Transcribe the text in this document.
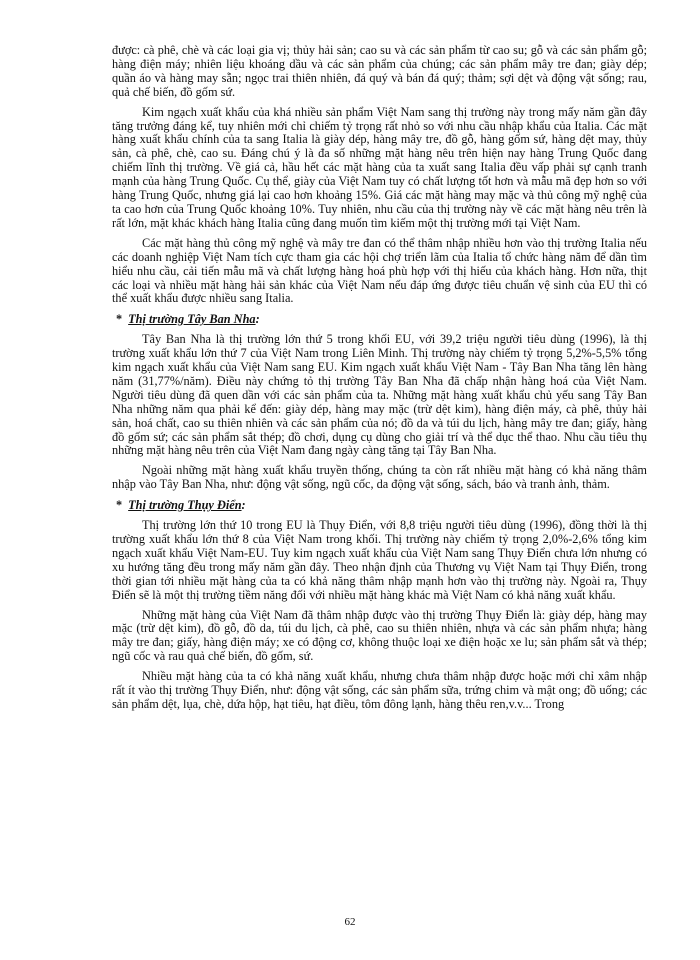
được: cà phê, chè và các loại gia vị; thủy hải sản; cao su và các sản phẩm từ cao su; gỗ và các sản phẩm gỗ; hàng điện máy; nhiên liệu khoáng dầu và các sản phẩm của chúng; các sản phẩm mây tre đan; giày dép; quần áo và hàng may sẵn; ngọc trai thiên nhiên, đá quý và bán đá quý; thảm; sợi dệt và động vật sống; rau, quả chế biến, đồ gốm sứ.

Kim ngạch xuất khẩu của khá nhiều sản phẩm Việt Nam sang thị trường này trong mấy năm gần đây tăng trưởng đáng kể, tuy nhiên mới chỉ chiếm tỷ trọng rất nhỏ so với nhu cầu nhập khẩu của Italia. Các mặt hàng xuất khẩu chính của ta sang Italia là giày dép, hàng mây tre, đồ gỗ, hàng gốm sứ, hàng dệt may, thủy sản, cà phê, chè, cao su. Đáng chú ý là đa số những mặt hàng nêu trên hiện nay hàng Trung Quốc đang chiếm lĩnh thị trường. Về giá cả, hầu hết các mặt hàng của ta xuất sang Italia đều vấp phải sự cạnh tranh mạnh của hàng Trung Quốc. Cụ thể, giày của Việt Nam tuy có chất lượng tốt hơn và mẫu mã đẹp hơn so với hàng Trung Quốc, nhưng giá lại cao hơn khoảng 15%. Giá các mặt hàng may mặc và thủ công mỹ nghệ của ta cao hơn của Trung Quốc khoảng 10%. Tuy nhiên, nhu cầu của thị trường này về các mặt hàng nêu trên là rất lớn, mặt khác khách hàng Italia cũng đang muốn tìm kiếm một thị trường mới tại Việt Nam.

Các mặt hàng thủ công mỹ nghệ và mây tre đan có thể thâm nhập nhiều hơn vào thị trường Italia nếu các doanh nghiệp Việt Nam tích cực tham gia các hội chợ triển lãm của Italia tổ chức hàng năm để dần tìm hiểu nhu cầu, cải tiến mẫu mã và chất lượng hàng hoá phù hợp với thị hiếu của khách hàng. Hơn nữa, thịt các loại và nhiều mặt hàng hải sản khác của Việt Nam nếu đáp ứng được tiêu chuẩn vệ sinh của EU thì có thể xuất khẩu được nhiều sang Italia.

* Thị trường Tây Ban Nha:

Tây Ban Nha là thị trường lớn thứ 5 trong khối EU, với 39,2 triệu người tiêu dùng (1996), là thị trường xuất khẩu lớn thứ 7 của Việt Nam trong Liên Minh. Thị trường này chiếm tỷ trọng 5,2%-5,5% tổng kim ngạch xuất khẩu của Việt Nam sang EU. Kim ngạch xuất khẩu Việt Nam - Tây Ban Nha tăng lên hàng năm (31,77%/năm). Điều này chứng tỏ thị trường Tây Ban Nha đã chấp nhận hàng hoá của Việt Nam. Người tiêu dùng đã quen dần với các sản phẩm của ta. Những mặt hàng xuất khẩu chủ yếu sang Tây Ban Nha những năm qua phải kể đến: giày dép, hàng may mặc (trừ dệt kim), hàng điện máy, cà phê, thủy hải sản, hoá chất, cao su thiên nhiên và các sản phẩm của nó; đồ da và túi du lịch, hàng mây tre đan; giấy, hàng đồ gốm sứ; các sản phẩm sắt thép; đồ chơi, dụng cụ dùng cho giải trí và thể dục thể thao. Nhu cầu tiêu thụ những mặt hàng nêu trên của Việt Nam đang ngày càng tăng tại Tây Ban Nha.

Ngoài những mặt hàng xuất khẩu truyền thống, chúng ta còn rất nhiều mặt hàng có khả năng thâm nhập vào Tây Ban Nha, như: động vật sống, ngũ cốc, da động vật sống, sách, báo và tranh ảnh, thảm.

* Thị trường Thụy Điển:

Thị trường lớn thứ 10 trong EU là Thụy Điển, với 8,8 triệu người tiêu dùng (1996), đồng thời là thị trường xuất khẩu lớn thứ 8 của Việt Nam trong khối. Thị trường này chiếm tỷ trọng 2,0%-2,6% tổng kim ngạch xuất khẩu Việt Nam-EU. Tuy kim ngạch xuất khẩu của Việt Nam sang Thụy Điển chưa lớn nhưng có xu hướng tăng đều trong mấy năm gần đây. Theo nhận định của Thương vụ Việt Nam tại Thụy Điển, trong thời gian tới nhiều mặt hàng của ta có khả năng thâm nhập mạnh hơn vào thị trường này. Ngoài ra, Thụy Điển sẽ là một thị trường tiềm năng đối với nhiều mặt hàng khác mà Việt Nam có khả năng xuất khẩu.

Những mặt hàng của Việt Nam đã thâm nhập được vào thị trường Thụy Điển là: giày dép, hàng may mặc (trừ dệt kim), đồ gỗ, đồ da, túi du lịch, cà phê, cao su thiên nhiên, nhựa và các sản phẩm nhựa; hàng mây tre đan; giấy, hàng điện máy; xe có động cơ, không thuộc loại xe điện hoặc xe lu; sản phẩm sắt và thép; ngũ cốc và rau quả chế biến, đồ gốm, sứ.

Nhiều mặt hàng của ta có khả năng xuất khẩu, nhưng chưa thâm nhập được hoặc mới chỉ xâm nhập rất ít vào thị trường Thụy Điển, như: động vật sống, các sản phẩm sữa, trứng chim và mật ong; đồ uống; các sản phẩm dệt, lụa, chè, dứa hộp, hạt tiêu, hạt điều, tôm đông lạnh, hàng thêu ren,v.v... Trong

62
